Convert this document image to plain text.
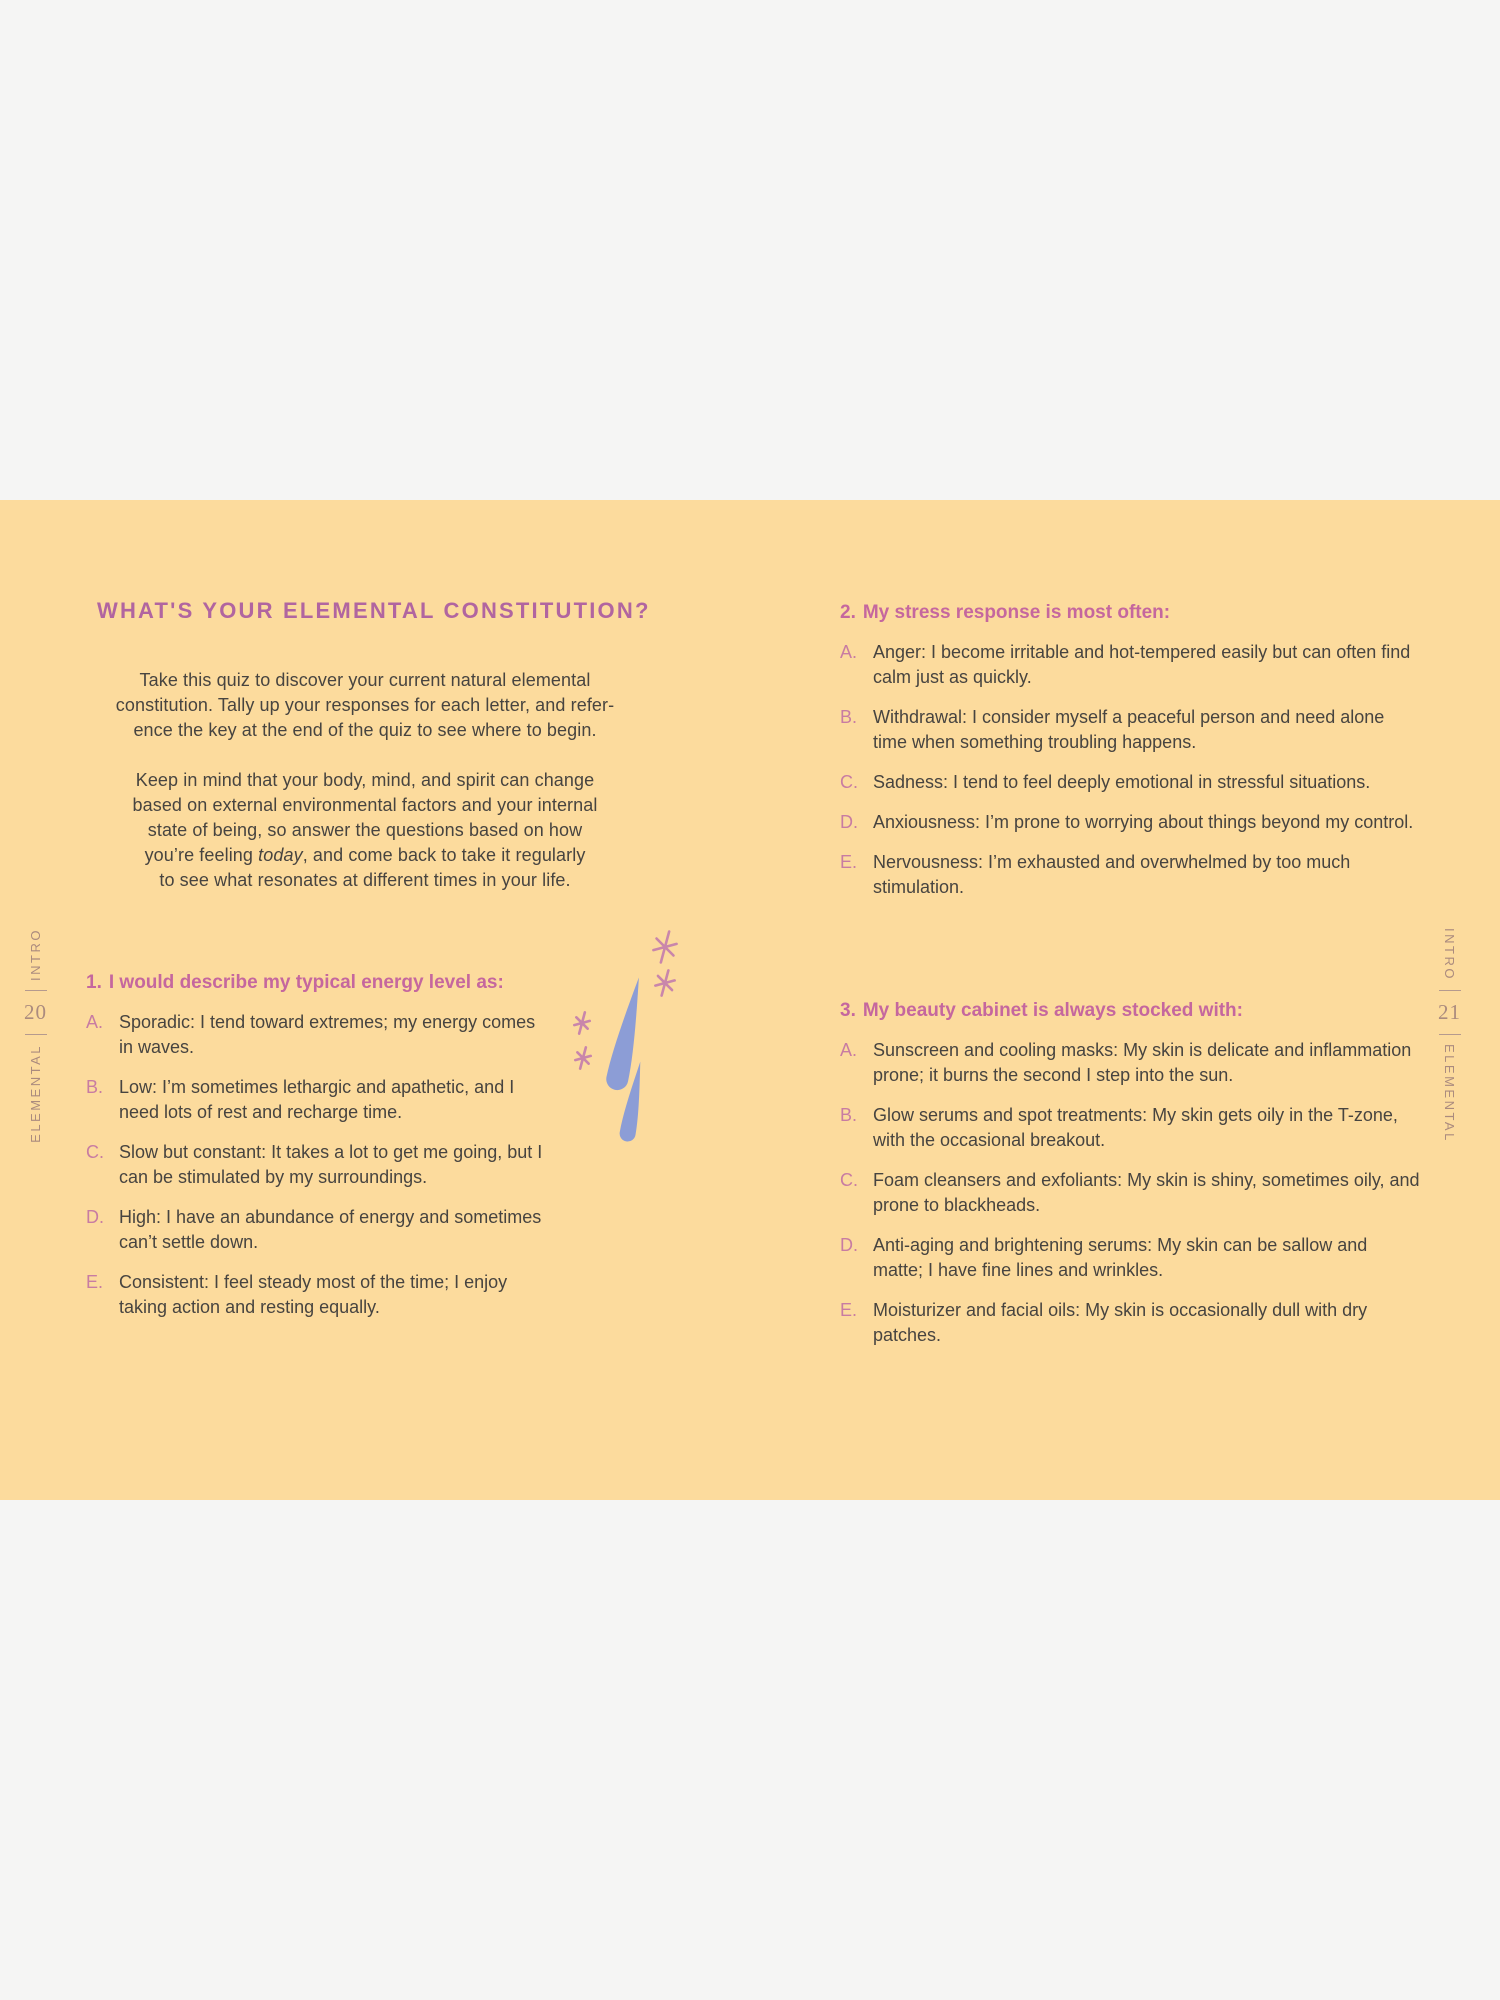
INTRO
20
ELEMENTAL
INTRO
21
ELEMENTAL
WHAT'S YOUR ELEMENTAL CONSTITUTION?
Take this quiz to discover your current natural elemental
constitution. Tally up your responses for each letter, and refer-
ence the key at the end of the quiz to see where to begin.
Keep in mind that your body, mind, and spirit can change
based on external environmental factors and your internal
state of being, so answer the questions based on how
you’re feeling today, and come back to take it regularly
to see what resonates at different times in your life.
1. I would describe my typical energy level as:
A. Sporadic: I tend toward extremes; my energy comes in waves.
B. Low: I’m sometimes lethargic and apathetic, and I need lots of rest and recharge time.
C. Slow but constant: It takes a lot to get me going, but I can be stimulated by my surroundings.
D. High: I have an abundance of energy and sometimes can’t settle down.
E. Consistent: I feel steady most of the time; I enjoy taking action and resting equally.
2. My stress response is most often:
A. Anger: I become irritable and hot-tempered easily but can often find calm just as quickly.
B. Withdrawal: I consider myself a peaceful person and need alone time when something troubling happens.
C. Sadness: I tend to feel deeply emotional in stressful situations.
D. Anxiousness: I’m prone to worrying about things beyond my control.
E. Nervousness: I’m exhausted and overwhelmed by too much stimulation.
3. My beauty cabinet is always stocked with:
A. Sunscreen and cooling masks: My skin is delicate and inflammation prone; it burns the second I step into the sun.
B. Glow serums and spot treatments: My skin gets oily in the T-zone, with the occasional breakout.
C. Foam cleansers and exfoliants: My skin is shiny, sometimes oily, and prone to blackheads.
D. Anti-aging and brightening serums: My skin can be sallow and matte; I have fine lines and wrinkles.
E. Moisturizer and facial oils: My skin is occasionally dull with dry patches.
